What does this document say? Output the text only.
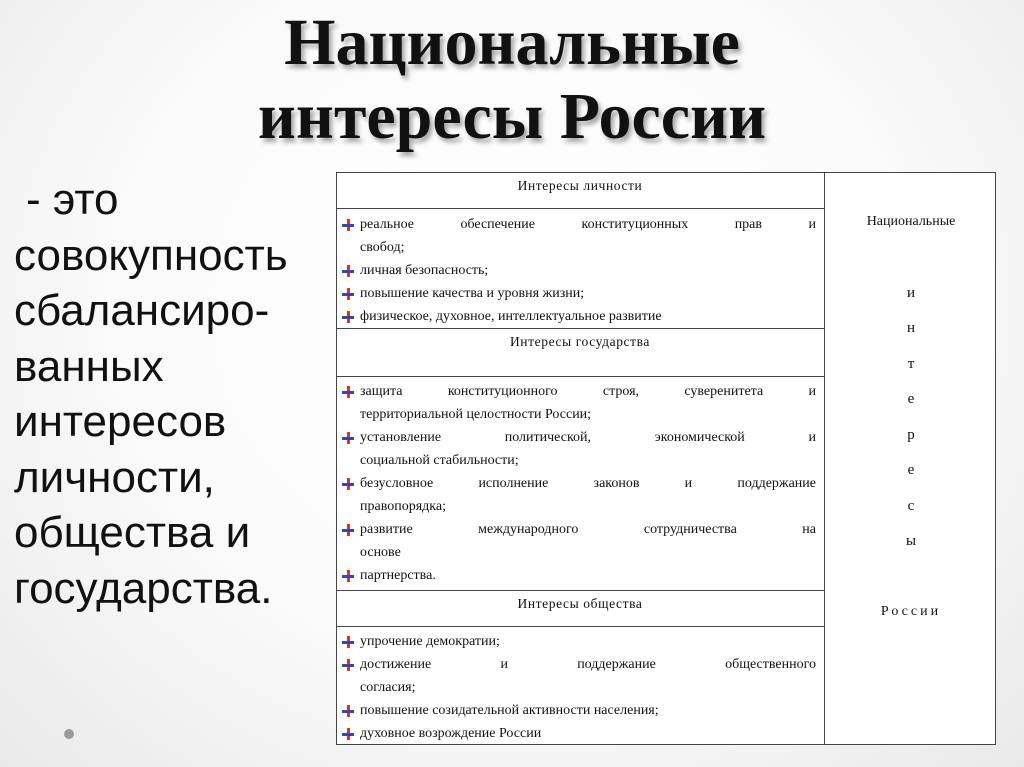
Национальные
интересы России
- это
совокупность
сбалансиро-
ванных
интересов
личности,
общества и
государства.
Интересы личности
реальное обеспечение конституционных прав и
свобод;
личная безопасность;
повышение качества и уровня жизни;
физическое, духовное, интеллектуальное развитие
Интересы государства
защита конституционного строя, суверенитета и
территориальной целостности России;
установление политической, экономической и
социальной стабильности;
безусловное исполнение законов и поддержание
правопорядка;
развитие международного сотрудничества на
основе
партнерства.
Интересы общества
упрочение демократии;
достижение и поддержание общественного
согласия;
повышение созидательной активности населения;
духовное возрождение России
Национальные
и
н
т
е
р
е
с
ы
России
